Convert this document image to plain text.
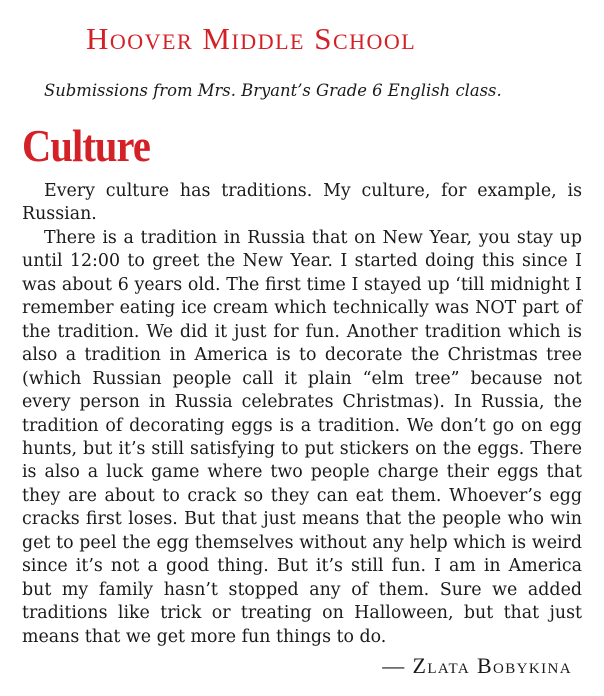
Hoover Middle School

Submissions from Mrs. Bryant’s Grade 6 English class.

Culture

Every culture has traditions. My culture, for example, is Russian.

There is a tradition in Russia that on New Year, you stay up until 12:00 to greet the New Year. I started doing this since I was about 6 years old. The first time I stayed up ‘till midnight I remember eating ice cream which technically was NOT part of the tradition. We did it just for fun. Another tradition which is also a tradition in America is to decorate the Christmas tree (which Russian people call it plain “elm tree” because not every person in Russia celebrates Christmas). In Russia, the tradition of decorating eggs is a tradition. We don’t go on egg hunts, but it’s still satisfying to put stickers on the eggs. There is also a luck game where two people charge their eggs that they are about to crack so they can eat them. Whoever’s egg cracks first loses. But that just means that the people who win get to peel the egg themselves without any help which is weird since it’s not a good thing. But it’s still fun. I am in America but my family hasn’t stopped any of them. Sure we added traditions like trick or treating on Halloween, but that just means that we get more fun things to do.

— Zlata Bobykina
